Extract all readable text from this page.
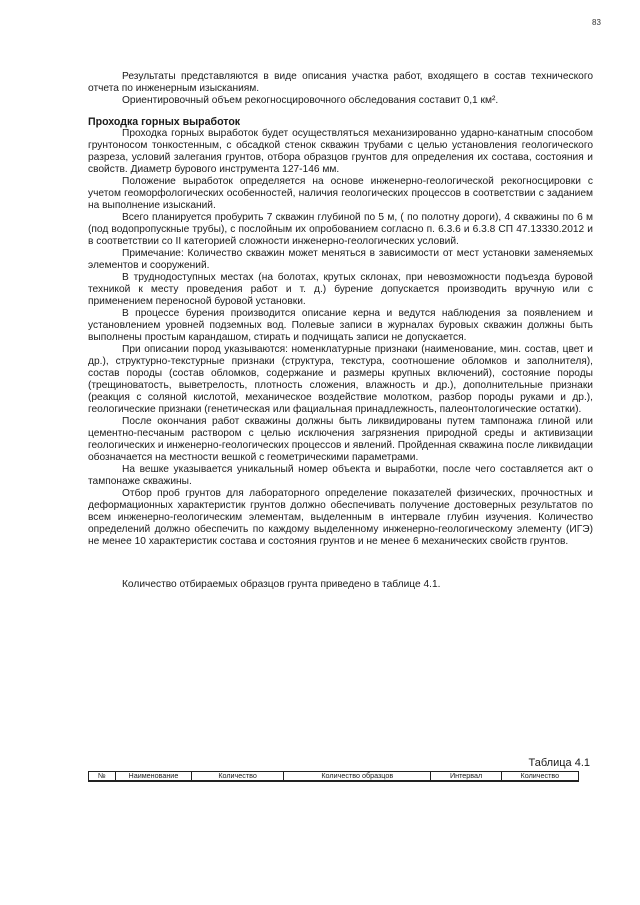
83

Результаты представляются в виде описания участка работ, входящего в состав технического отчета по инженерным изысканиям.

Ориентировочный объем рекогносцировочного обследования составит 0,1 км².

Проходка горных выработок

Проходка горных выработок будет осуществляться механизированно ударно-канатным способом грунтоносом тонкостенным, с обсадкой стенок скважин трубами с целью установления геологического разреза, условий залегания грунтов, отбора образцов грунтов для определения их состава, состояния и свойств. Диаметр бурового инструмента 127-146 мм.

Положение выработок определяется на основе инженерно-геологической рекогносцировки с учетом геоморфологических особенностей, наличия геологических процессов в соответствии с заданием на выполнение изысканий.

Всего планируется пробурить 7 скважин глубиной по 5 м, ( по полотну дороги), 4 скважины по 6 м (под водопропускные трубы), с послойным их опробованием согласно п. 6.3.6 и 6.3.8 СП 47.13330.2012 и в соответствии со II категорией сложности инженерно-геологических условий.

Примечание: Количество скважин может меняться в зависимости от мест установки заменяемых элементов и сооружений.

В труднодоступных местах (на болотах, крутых склонах, при невозможности подъезда буровой техникой к месту проведения работ и т. д.) бурение допускается производить вручную или с применением переносной буровой установки.

В процессе бурения производится описание керна и ведутся наблюдения за появлением и установлением уровней подземных вод. Полевые записи в журналах буровых скважин должны быть выполнены простым карандашом, стирать и подчищать записи не допускается.

При описании пород указываются: номенклатурные признаки (наименование, мин. состав, цвет и др.), структурно-текстурные признаки (структура, текстура, соотношение обломков и заполнителя), состав породы (состав обломков, содержание и размеры крупных включений), состояние породы (трещиноватость, выветрелость, плотность сложения, влажность и др.), дополнительные признаки (реакция с соляной кислотой, механическое воздействие молотком, разбор породы руками и др.), геологические признаки (генетическая или фациальная принадлежность, палеонтологические остатки).

После окончания работ скважины должны быть ликвидированы путем тампонажа глиной или цементно-песчаным раствором с целью исключения загрязнения природной среды и активизации геологических и инженерно-геологических процессов и явлений. Пройденная скважина после ликвидации обозначается на местности вешкой с геометрическими параметрами.

На вешке указывается уникальный номер объекта и выработки, после чего составляется акт о тампонаже скважины.

Отбор проб грунтов для лабораторного определение показателей физических, прочностных и деформационных характеристик грунтов должно обеспечивать получение достоверных результатов по всем инженерно-геологическим элементам, выделенным в интервале глубин изучения. Количество определений должно обеспечить по каждому выделенному инженерно-геологическому элементу (ИГЭ) не менее 10 характеристик состава и состояния грунтов и не менее 6 механических свойств грунтов.

Количество отбираемых образцов грунта приведено в таблице 4.1.

Таблица 4.1
№	Наименование	Количество	Количество образцов	Интервал	Количество
